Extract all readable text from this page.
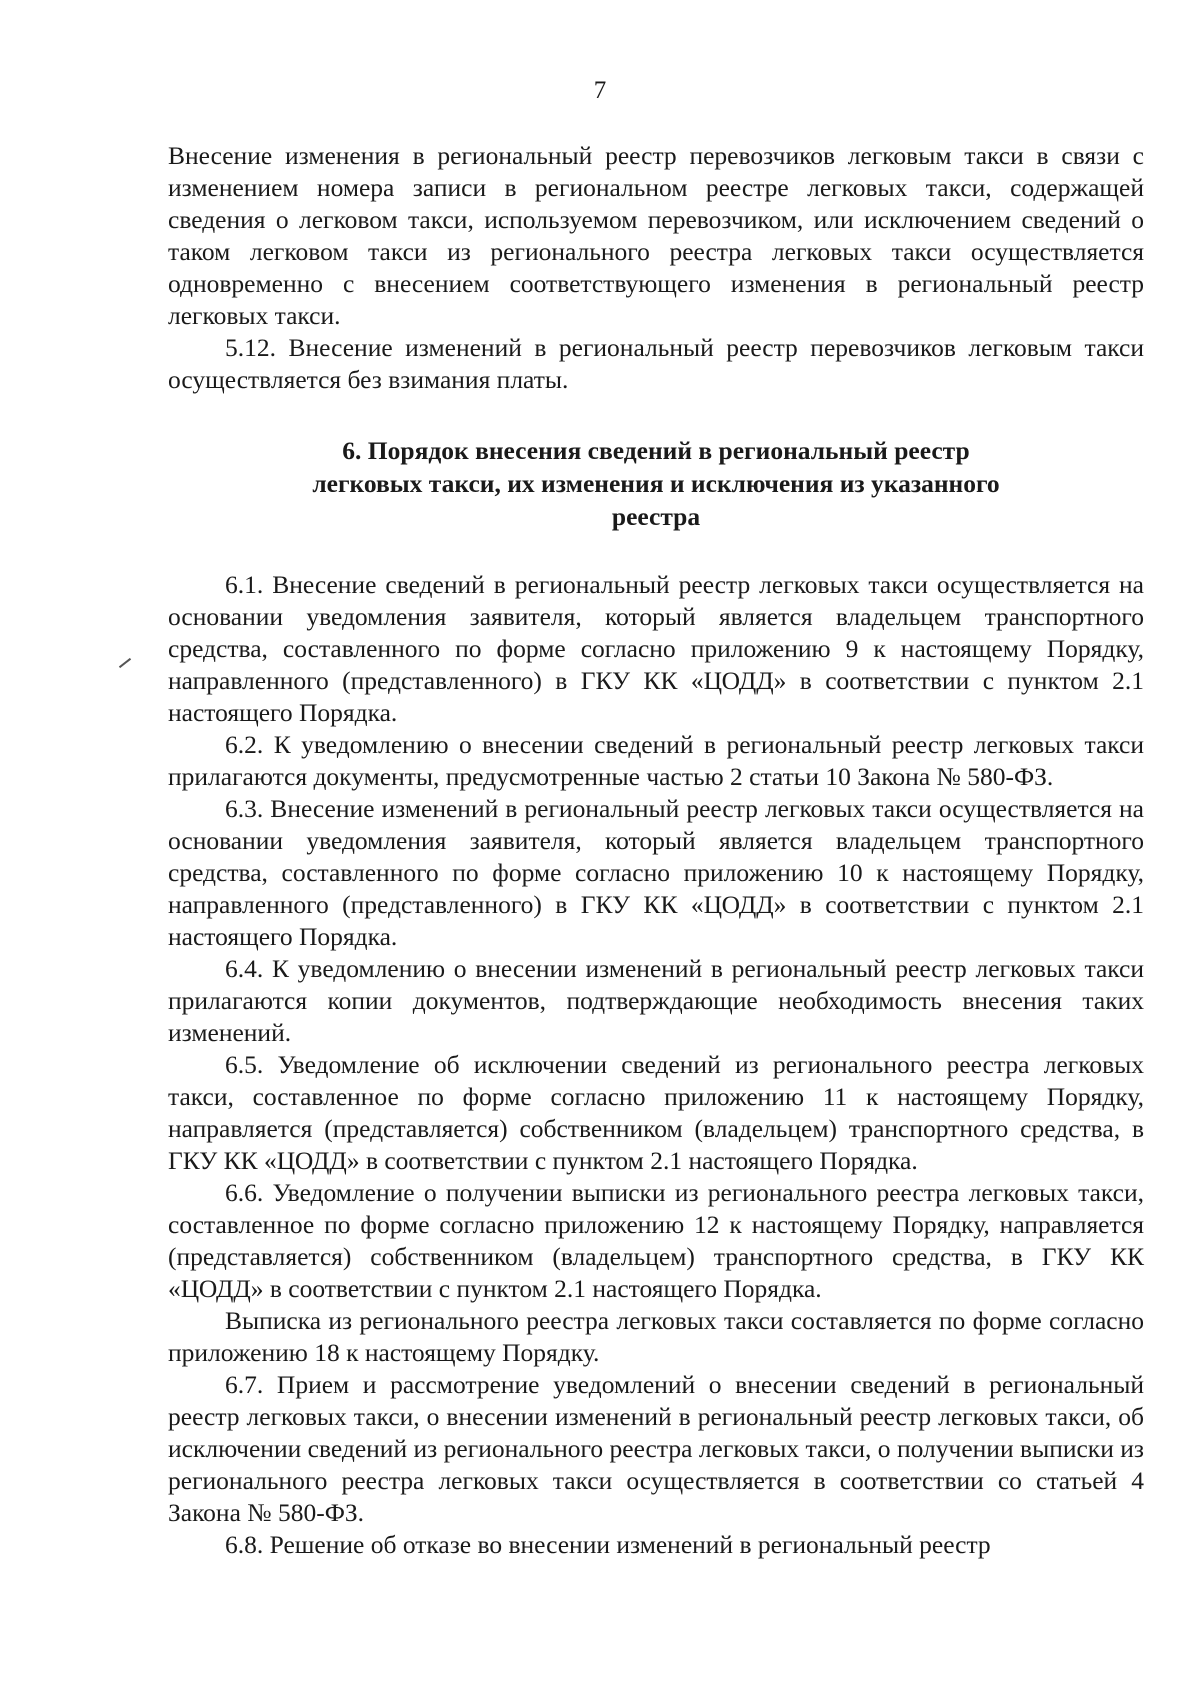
7

Внесение изменения в региональный реестр перевозчиков легковым такси в связи с изменением номера записи в региональном реестре легковых такси, содержащей сведения о легковом такси, используемом перевозчиком, или исключением сведений о таком легковом такси из регионального реестра легковых такси осуществляется одновременно с внесением соответствующего изменения в региональный реестр легковых такси.

5.12. Внесение изменений в региональный реестр перевозчиков легковым такси осуществляется без взимания платы.

6. Порядок внесения сведений в региональный реестр легковых такси, их изменения и исключения из указанного реестра

6.1. Внесение сведений в региональный реестр легковых такси осуществляется на основании уведомления заявителя, который является владельцем транспортного средства, составленного по форме согласно приложению 9 к настоящему Порядку, направленного (представленного) в ГКУ КК «ЦОДД» в соответствии с пунктом 2.1 настоящего Порядка.

6.2. К уведомлению о внесении сведений в региональный реестр легковых такси прилагаются документы, предусмотренные частью 2 статьи 10 Закона № 580-ФЗ.

6.3. Внесение изменений в региональный реестр легковых такси осуществляется на основании уведомления заявителя, который является владельцем транспортного средства, составленного по форме согласно приложению 10 к настоящему Порядку, направленного (представленного) в ГКУ КК «ЦОДД» в соответствии с пунктом 2.1 настоящего Порядка.

6.4. К уведомлению о внесении изменений в региональный реестр легковых такси прилагаются копии документов, подтверждающие необходимость внесения таких изменений.

6.5. Уведомление об исключении сведений из регионального реестра легковых такси, составленное по форме согласно приложению 11 к настоящему Порядку, направляется (представляется) собственником (владельцем) транспортного средства, в ГКУ КК «ЦОДД» в соответствии с пунктом 2.1 настоящего Порядка.

6.6. Уведомление о получении выписки из регионального реестра легковых такси, составленное по форме согласно приложению 12 к настоящему Порядку, направляется (представляется) собственником (владельцем) транспортного средства, в ГКУ КК «ЦОДД» в соответствии с пунктом 2.1 настоящего Порядка.

Выписка из регионального реестра легковых такси составляется по форме согласно приложению 18 к настоящему Порядку.

6.7. Прием и рассмотрение уведомлений о внесении сведений в региональный реестр легковых такси, о внесении изменений в региональный реестр легковых такси, об исключении сведений из регионального реестра легковых такси, о получении выписки из регионального реестра легковых такси осуществляется в соответствии со статьей 4 Закона № 580-ФЗ.

6.8. Решение об отказе во внесении изменений в региональный реестр
